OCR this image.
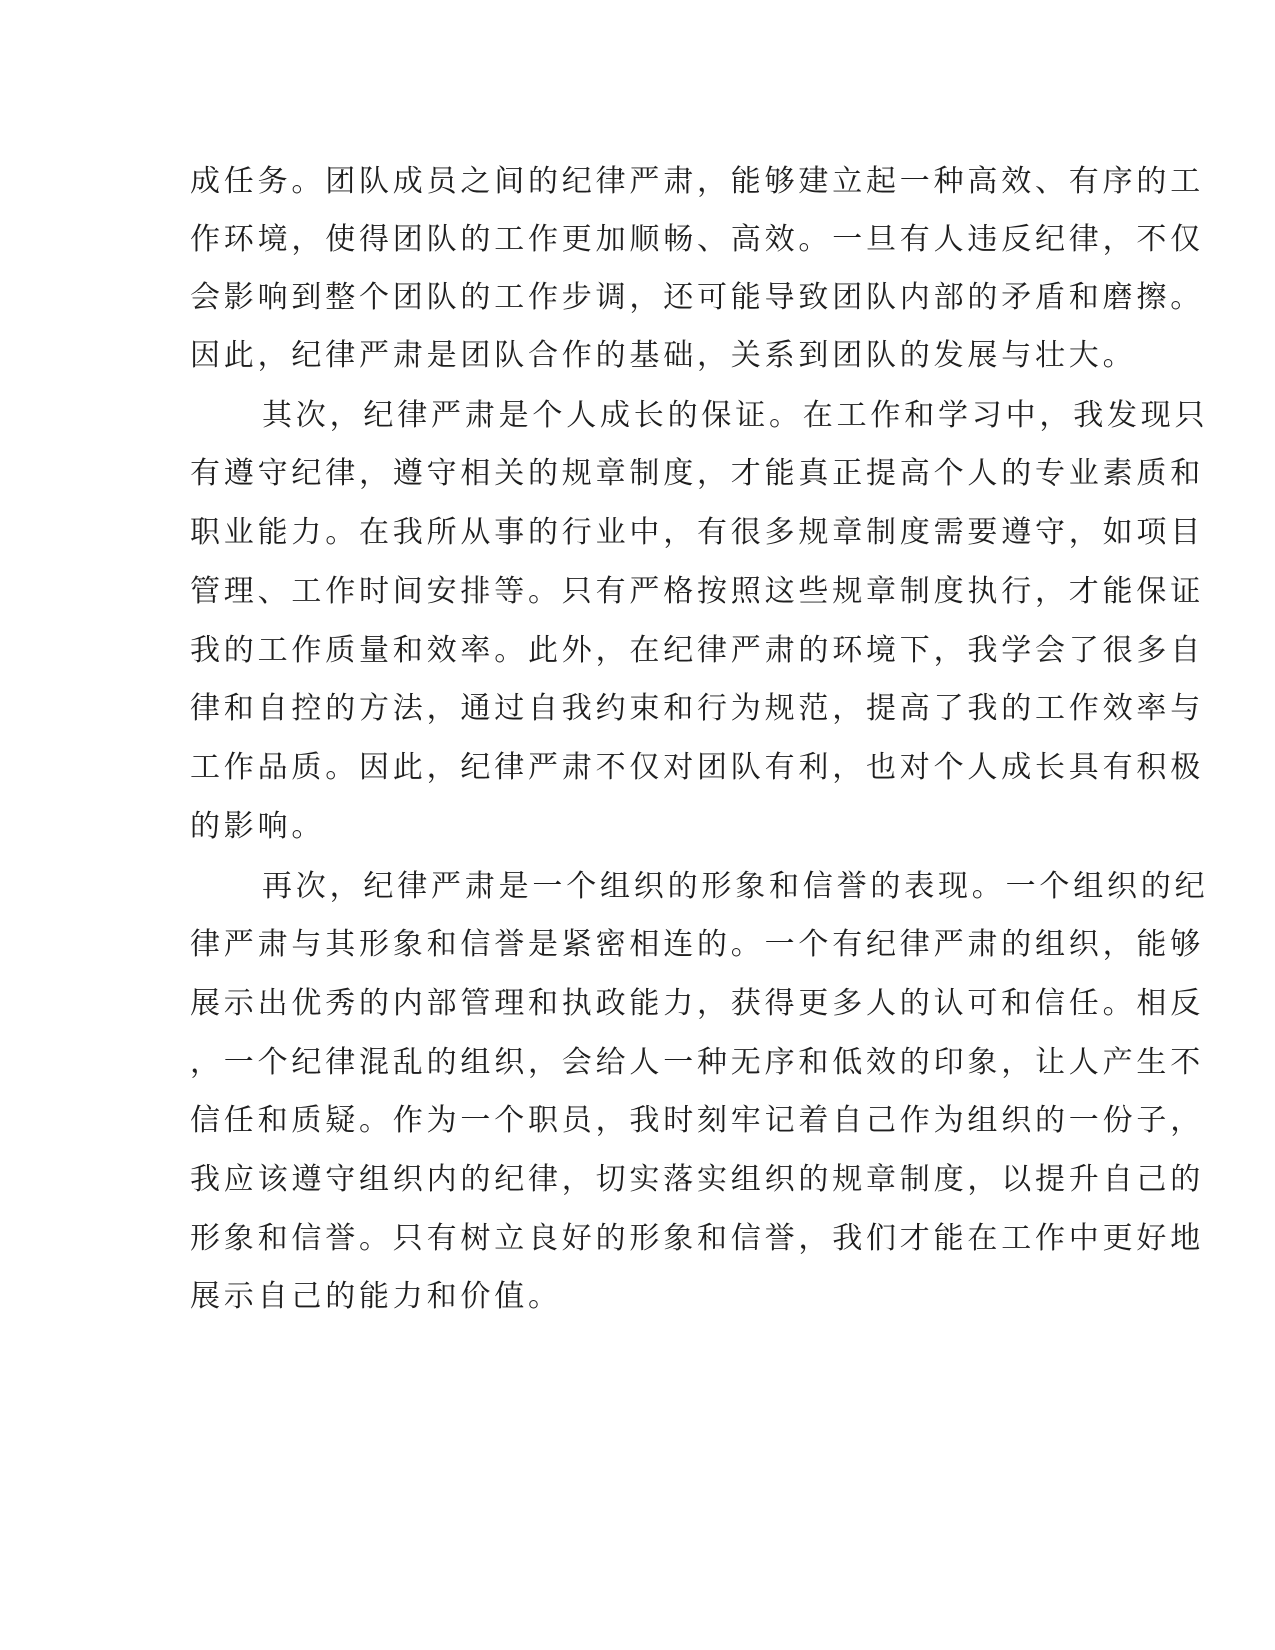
成任务。团队成员之间的纪律严肃，能够建立起一种高效、有序的工
作环境，使得团队的工作更加顺畅、高效。一旦有人违反纪律，不仅
会影响到整个团队的工作步调，还可能导致团队内部的矛盾和磨擦。
因此，纪律严肃是团队合作的基础，关系到团队的发展与壮大。
其次，纪律严肃是个人成长的保证。在工作和学习中，我发现只
有遵守纪律，遵守相关的规章制度，才能真正提高个人的专业素质和
职业能力。在我所从事的行业中，有很多规章制度需要遵守，如项目
管理、工作时间安排等。只有严格按照这些规章制度执行，才能保证
我的工作质量和效率。此外，在纪律严肃的环境下，我学会了很多自
律和自控的方法，通过自我约束和行为规范，提高了我的工作效率与
工作品质。因此，纪律严肃不仅对团队有利，也对个人成长具有积极
的影响。
再次，纪律严肃是一个组织的形象和信誉的表现。一个组织的纪
律严肃与其形象和信誉是紧密相连的。一个有纪律严肃的组织，能够
展示出优秀的内部管理和执政能力，获得更多人的认可和信任。相反
，一个纪律混乱的组织，会给人一种无序和低效的印象，让人产生不
信任和质疑。作为一个职员，我时刻牢记着自己作为组织的一份子，
我应该遵守组织内的纪律，切实落实组织的规章制度，以提升自己的
形象和信誉。只有树立良好的形象和信誉，我们才能在工作中更好地
展示自己的能力和价值。
